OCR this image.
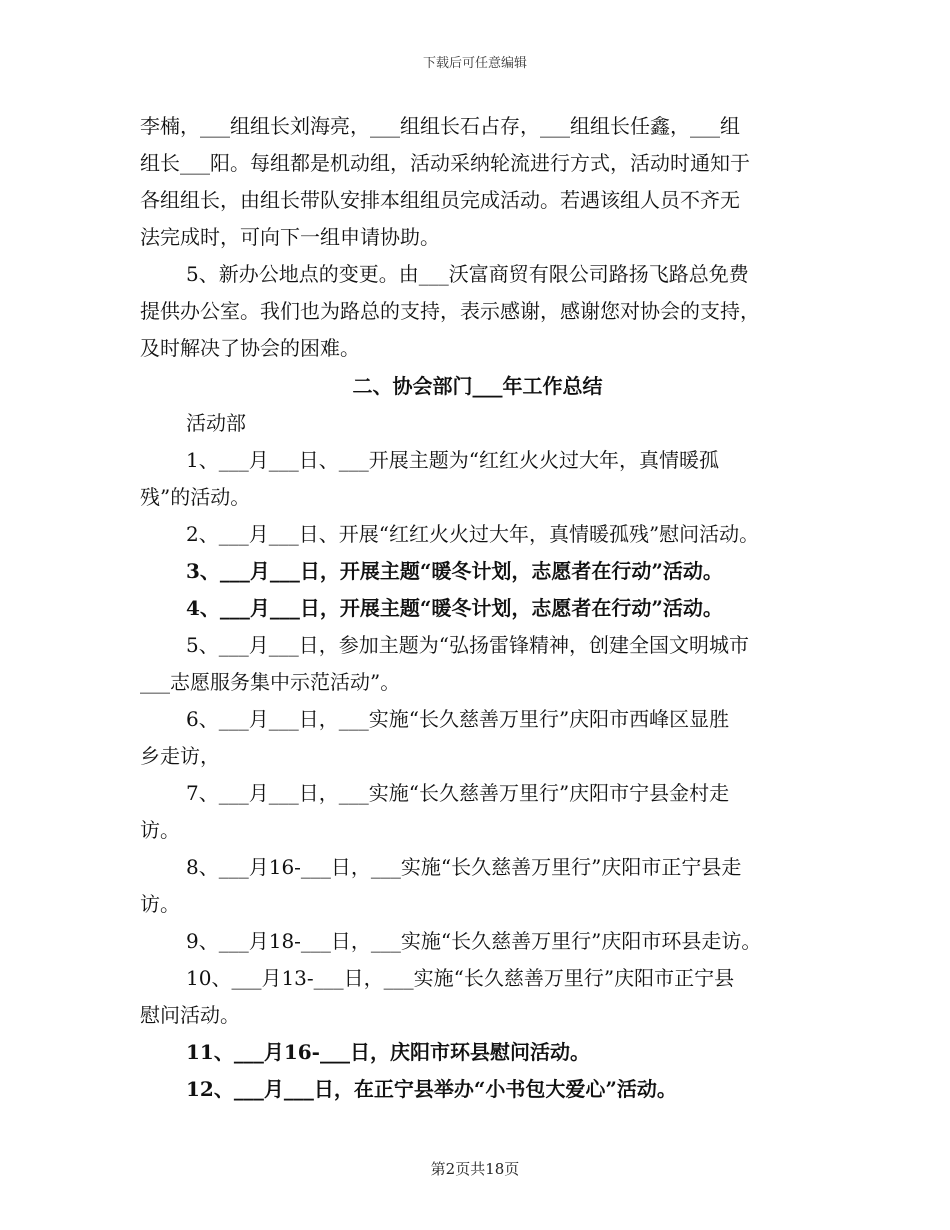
下载后可任意编辑
李楠，___组组长刘海亮，___组组长石占存，___组组长任鑫，___组
组长___阳。每组都是机动组，活动采纳轮流进行方式，活动时通知于
各组组长，由组长带队安排本组组员完成活动。若遇该组人员不齐无
法完成时，可向下一组申请协助。
5、新办公地点的变更。由___沃富商贸有限公司路扬飞路总免费
提供办公室。我们也为路总的支持，表示感谢，感谢您对协会的支持，
及时解决了协会的困难。
二、协会部门___年工作总结
活动部
1、___月___日、___开展主题为“红红火火过大年，真情暖孤
残”的活动。
2、___月___日、开展“红红火火过大年，真情暖孤残”慰问活动。
3、___月___日，开展主题“暖冬计划，志愿者在行动”活动。
4、___月___日，开展主题“暖冬计划，志愿者在行动”活动。
5、___月___日，参加主题为“弘扬雷锋精神，创建全国文明城市
___志愿服务集中示范活动”。
6、___月___日，___实施“长久慈善万里行”庆阳市西峰区显胜
乡走访，
7、___月___日，___实施“长久慈善万里行”庆阳市宁县金村走
访。
8、___月16-___日，___实施“长久慈善万里行”庆阳市正宁县走
访。
9、___月18-___日，___实施“长久慈善万里行”庆阳市环县走访。
10、___月13-___日，___实施“长久慈善万里行”庆阳市正宁县
慰问活动。
11、___月16-___日，庆阳市环县慰问活动。
12、___月___日，在正宁县举办“小书包大爱心”活动。
第2页共18页
